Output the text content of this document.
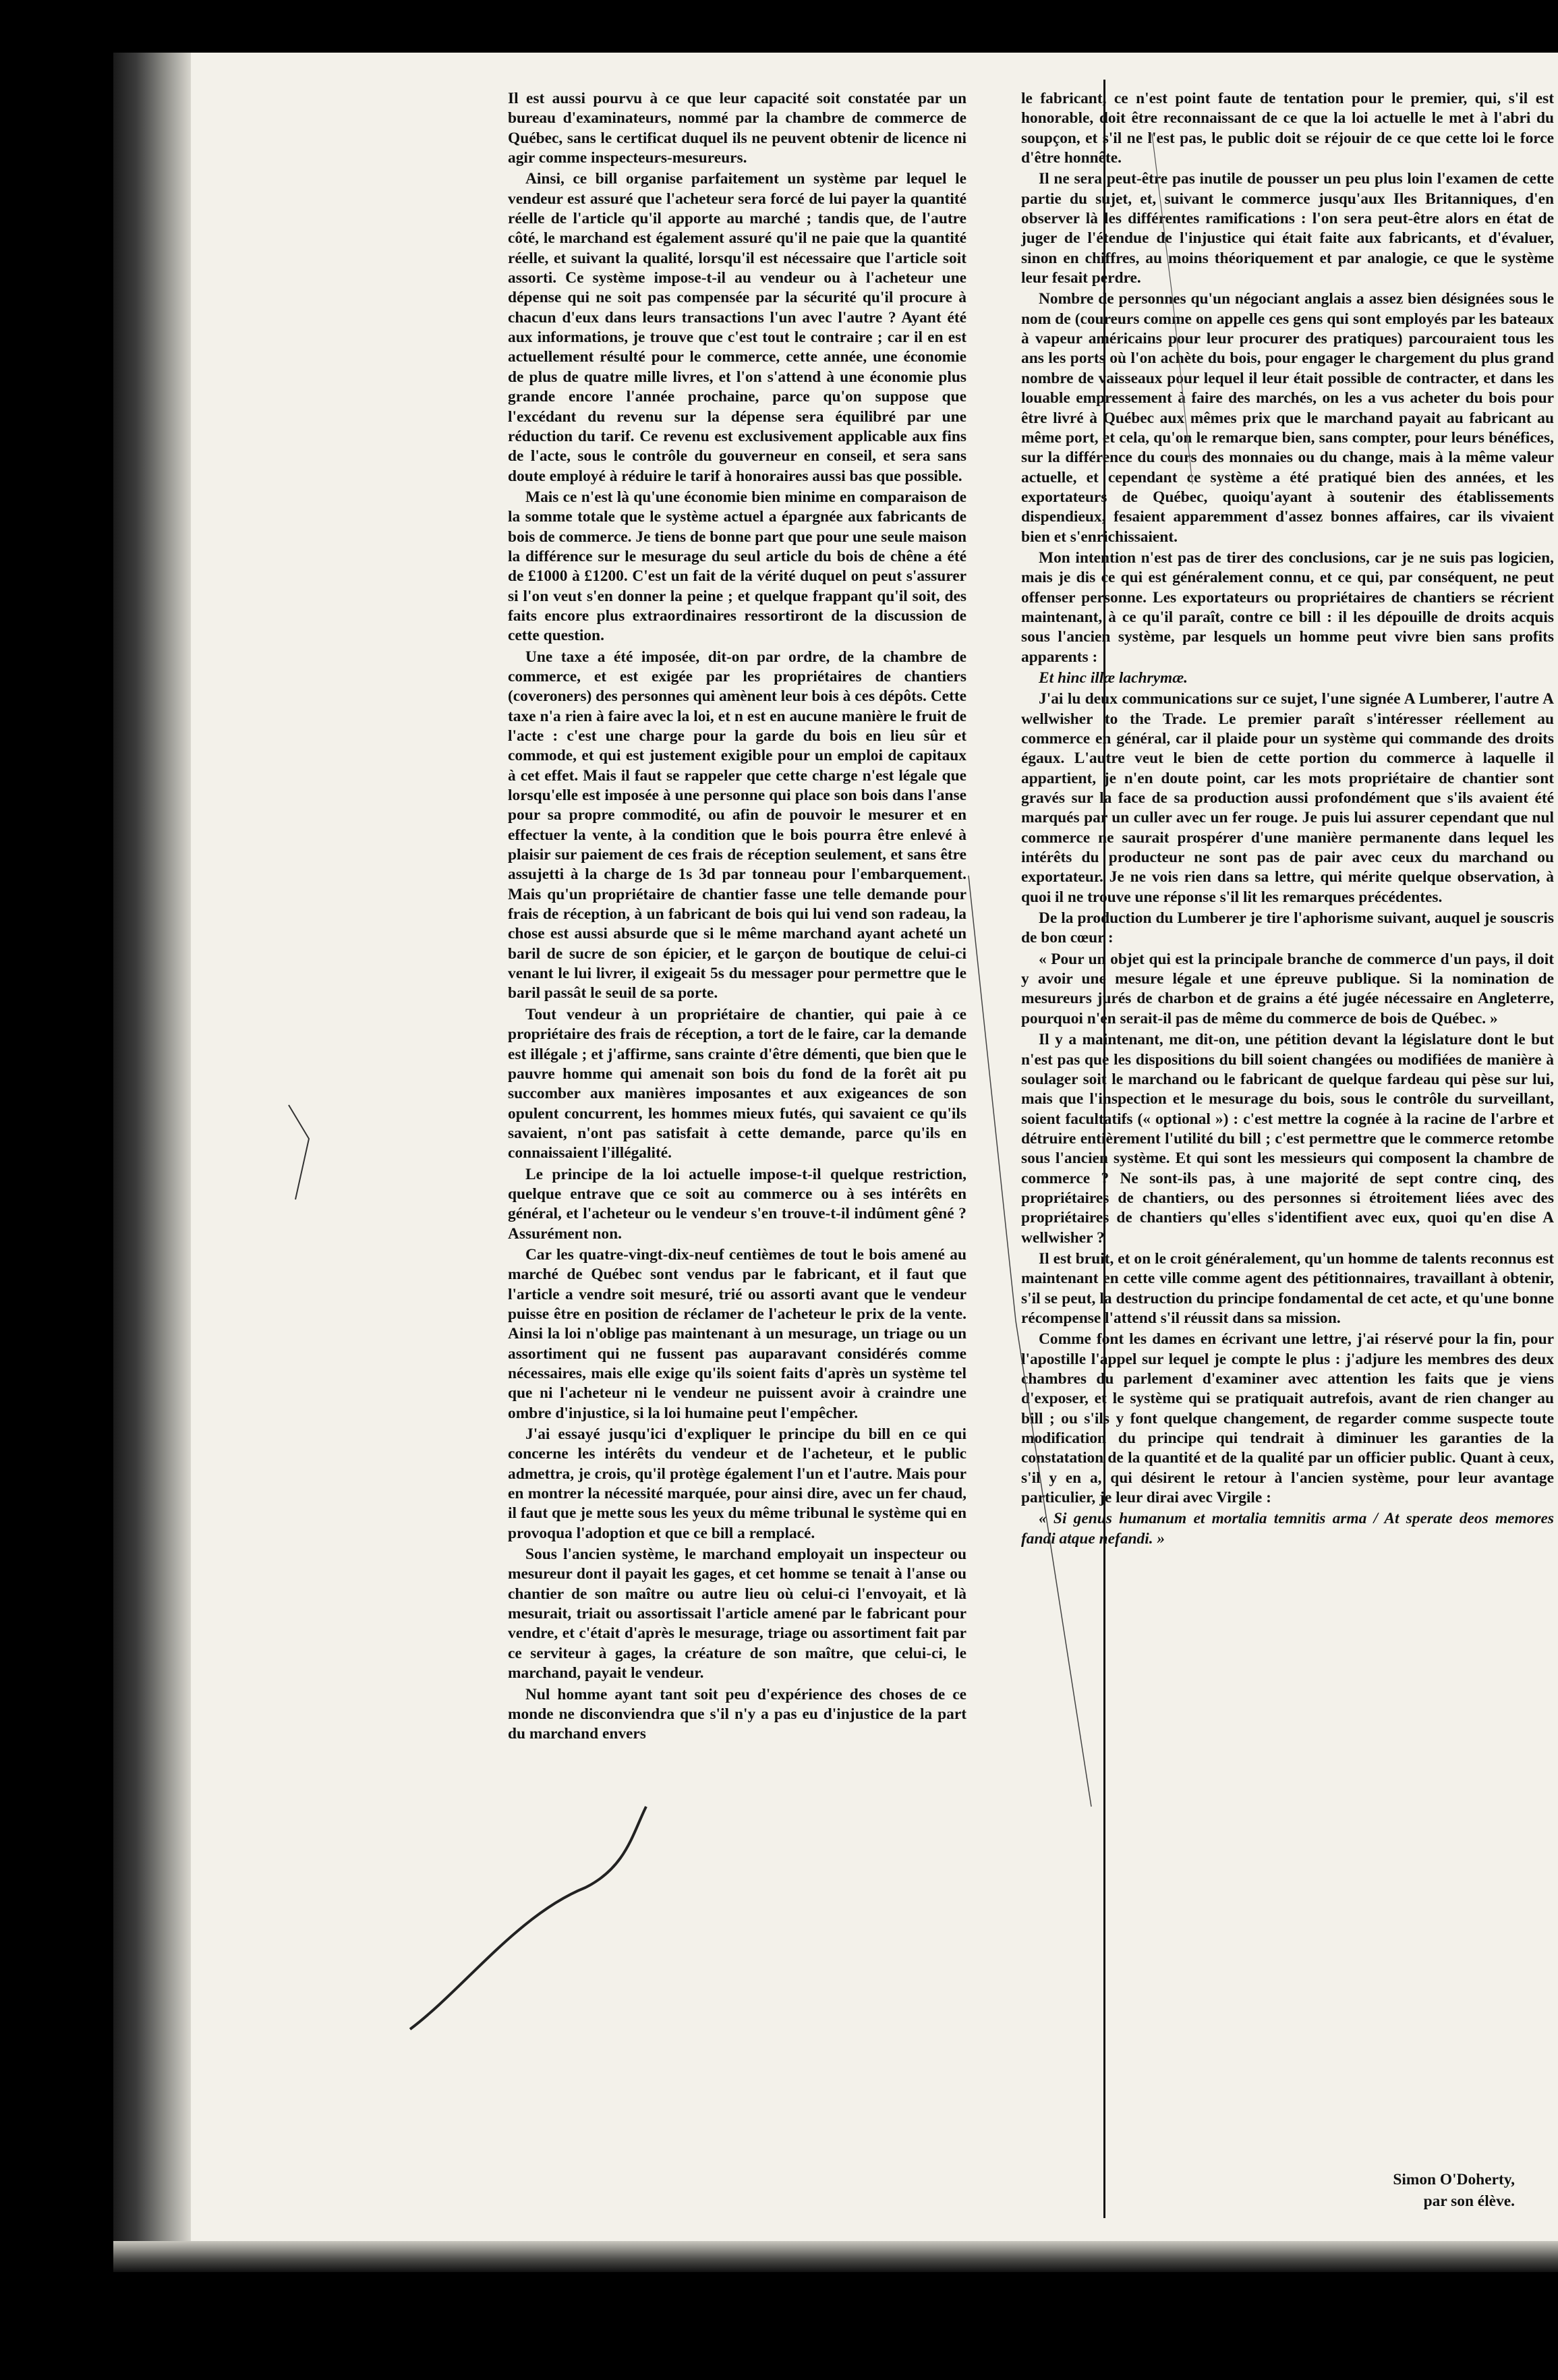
Il est aussi pourvu à ce que leur capacité soit constatée par un bureau d'examinateurs, nommé par la chambre de commerce de Québec, sans le certificat duquel ils ne peuvent obtenir de licence ni agir comme inspecteurs-mesureurs.

Ainsi, ce bill organise parfaitement un système par lequel le vendeur est assuré que l'acheteur sera forcé de lui payer la quantité réelle de l'article qu'il apporte au marché ; tandis que, de l'autre côté, le marchand est également assuré qu'il ne paie que la quantité réelle, et suivant la qualité, lorsqu'il est nécessaire que l'article soit assorti. Ce système impose-t-il au vendeur ou à l'acheteur une dépense qui ne soit pas compensée par la sécurité qu'il procure à chacun d'eux dans leurs transactions l'un avec l'autre ? Ayant été aux informations, je trouve que c'est tout le contraire ; car il en est actuellement résulté pour le commerce, cette année, une économie de plus de quatre mille livres, et l'on s'attend à une économie plus grande encore l'année prochaine, parce qu'on suppose que l'excédant du revenu sur la dépense sera équilibré par une réduction du tarif. Ce revenu est exclusivement applicable aux fins de l'acte, sous le contrôle du gouverneur en conseil, et sera sans doute employé à réduire le tarif à honoraires aussi bas que possible.

Mais ce n'est là qu'une économie bien minime en comparaison de la somme totale que le système actuel a épargnée aux fabricants de bois de commerce. Je tiens de bonne part que pour une seule maison la différence sur le mesurage du seul article du bois de chêne a été de £1000 à £1200. C'est un fait de la vérité duquel on peut s'assurer si l'on veut s'en donner la peine ; et quelque frappant qu'il soit, des faits encore plus extraordinaires ressortiront de la discussion de cette question.

Une taxe a été imposée, dit-on par ordre, de la chambre de commerce, et est exigée par les propriétaires de chantiers (coveroners) des personnes qui amènent leur bois à ces dépôts. Cette taxe n'a rien à faire avec la loi, et n est en aucune manière le fruit de l'acte : c'est une charge pour la garde du bois en lieu sûr et commode, et qui est justement exigible pour un emploi de capitaux à cet effet. Mais il faut se rappeler que cette charge n'est légale que lorsqu'elle est imposée à une personne qui place son bois dans l'anse pour sa propre commodité, ou afin de pouvoir le mesurer et en effectuer la vente, à la condition que le bois pourra être enlevé à plaisir sur paiement de ces frais de réception seulement, et sans être assujetti à la charge de 1s 3d par tonneau pour l'embarquement. Mais qu'un propriétaire de chantier fasse une telle demande pour frais de réception, à un fabricant de bois qui lui vend son radeau, la chose est aussi absurde que si le même marchand ayant acheté un baril de sucre de son épicier, et le garçon de boutique de celui-ci venant le lui livrer, il exigeait 5s du messager pour permettre que le baril passât le seuil de sa porte.

Tout vendeur à un propriétaire de chantier, qui paie à ce propriétaire des frais de réception, a tort de le faire, car la demande est illégale ; et j'affirme, sans crainte d'être démenti, que bien que le pauvre homme qui amenait son bois du fond de la forêt ait pu succomber aux manières imposantes et aux exigeances de son opulent concurrent, les hommes mieux futés, qui savaient ce qu'ils savaient, n'ont pas satisfait à cette demande, parce qu'ils en connaissaient l'illégalité.

Le principe de la loi actuelle impose-t-il quelque restriction, quelque entrave que ce soit au commerce ou à ses intérêts en général, et l'acheteur ou le vendeur s'en trouve-t-il indûment gêné ? Assurément non.

Car les quatre-vingt-dix-neuf centièmes de tout le bois amené au marché de Québec sont vendus par le fabricant, et il faut que l'article a vendre soit mesuré, trié ou assorti avant que le vendeur puisse être en position de réclamer de l'acheteur le prix de la vente. Ainsi la loi n'oblige pas maintenant à un mesurage, un triage ou un assortiment qui ne fussent pas auparavant considérés comme nécessaires, mais elle exige qu'ils soient faits d'après un système tel que ni l'acheteur ni le vendeur ne puissent avoir à craindre une ombre d'injustice, si la loi humaine peut l'empêcher.

J'ai essayé jusqu'ici d'expliquer le principe du bill en ce qui concerne les intérêts du vendeur et de l'acheteur, et le public admettra, je crois, qu'il protège également l'un et l'autre. Mais pour en montrer la nécessité marquée, pour ainsi dire, avec un fer chaud, il faut que je mette sous les yeux du même tribunal le système qui en provoqua l'adoption et que ce bill a remplacé.

Sous l'ancien système, le marchand employait un inspecteur ou mesureur dont il payait les gages, et cet homme se tenait à l'anse ou chantier de son maître ou autre lieu où celui-ci l'envoyait, et là mesurait, triait ou assortissait l'article amené par le fabricant pour vendre, et c'était d'après le mesurage, triage ou assortiment fait par ce serviteur à gages, la créature de son maître, que celui-ci, le marchand, payait le vendeur.

Nul homme ayant tant soit peu d'expérience des choses de ce monde ne disconviendra que s'il n'y a pas eu d'injustice de la part du marchand envers

le fabricant, ce n'est point faute de tentation pour le premier, qui, s'il est honorable, doit être reconnaissant de ce que la loi actuelle le met à l'abri du soupçon, et s'il ne l'est pas, le public doit se réjouir de ce que cette loi le force d'être honnête.

Il ne sera peut-être pas inutile de pousser un peu plus loin l'examen de cette partie du sujet, et, suivant le commerce jusqu'aux Iles Britanniques, d'en observer là les différentes ramifications : l'on sera peut-être alors en état de juger de l'étendue de l'injustice qui était faite aux fabricants, et d'évaluer, sinon en chiffres, au moins théoriquement et par analogie, ce que le système leur fesait perdre.

Nombre de personnes qu'un négociant anglais a assez bien désignées sous le nom de (coureurs comme on appelle ces gens qui sont employés par les bateaux à vapeur américains pour leur procurer des pratiques) parcouraient tous les ans les ports où l'on achète du bois, pour engager le chargement du plus grand nombre de vaisseaux pour lequel il leur était possible de contracter, et dans les louable empressement à faire des marchés, on les a vus acheter du bois pour être livré à Québec aux mêmes prix que le marchand payait au fabricant au même port, et cela, qu'on le remarque bien, sans compter, pour leurs bénéfices, sur la différence du cours des monnaies ou du change, mais à la même valeur actuelle, et cependant ce système a été pratiqué bien des années, et les exportateurs de Québec, quoiqu'ayant à soutenir des établissements dispendieux, fesaient apparemment d'assez bonnes affaires, car ils vivaient bien et s'enrichissaient.

Mon intention n'est pas de tirer des conclusions, car je ne suis pas logicien, mais je dis ce qui est généralement connu, et ce qui, par conséquent, ne peut offenser personne. Les exportateurs ou propriétaires de chantiers se récrient maintenant, à ce qu'il paraît, contre ce bill : il les dépouille de droits acquis sous l'ancien système, par lesquels un homme peut vivre bien sans profits apparents :

Et hinc illæ lachrymæ.

J'ai lu deux communications sur ce sujet, l'une signée A Lumberer, l'autre A wellwisher to the Trade. Le premier paraît s'intéresser réellement au commerce en général, car il plaide pour un système qui commande des droits égaux. L'autre veut le bien de cette portion du commerce à laquelle il appartient, je n'en doute point, car les mots propriétaire de chantier sont gravés sur la face de sa production aussi profondément que s'ils avaient été marqués par un culler avec un fer rouge. Je puis lui assurer cependant que nul commerce ne saurait prospérer d'une manière permanente dans lequel les intérêts du producteur ne sont pas de pair avec ceux du marchand ou exportateur. Je ne vois rien dans sa lettre, qui mérite quelque observation, à quoi il ne trouve une réponse s'il lit les remarques précédentes.

De la production du Lumberer je tire l'aphorisme suivant, auquel je souscris de bon cœur :

« Pour un objet qui est la principale branche de commerce d'un pays, il doit y avoir une mesure légale et une épreuve publique. Si la nomination de mesureurs jurés de charbon et de grains a été jugée nécessaire en Angleterre, pourquoi n'en serait-il pas de même du commerce de bois de Québec. »

Il y a maintenant, me dit-on, une pétition devant la législature dont le but n'est pas que les dispositions du bill soient changées ou modifiées de manière à soulager soit le marchand ou le fabricant de quelque fardeau qui pèse sur lui, mais que l'inspection et le mesurage du bois, sous le contrôle du surveillant, soient facultatifs (« optional ») : c'est mettre la cognée à la racine de l'arbre et détruire entièrement l'utilité du bill ; c'est permettre que le commerce retombe sous l'ancien système. Et qui sont les messieurs qui composent la chambre de commerce ? Ne sont-ils pas, à une majorité de sept contre cinq, des propriétaires de chantiers, ou des personnes si étroitement liées avec des propriétaires de chantiers qu'elles s'identifient avec eux, quoi qu'en dise A wellwisher ?

Il est bruit, et on le croit généralement, qu'un homme de talents reconnus est maintenant en cette ville comme agent des pétitionnaires, travaillant à obtenir, s'il se peut, la destruction du principe fondamental de cet acte, et qu'une bonne récompense l'attend s'il réussit dans sa mission.

Comme font les dames en écrivant une lettre, j'ai réservé pour la fin, pour l'apostille l'appel sur lequel je compte le plus : j'adjure les membres des deux chambres du parlement d'examiner avec attention les faits que je viens d'exposer, et le système qui se pratiquait autrefois, avant de rien changer au bill ; ou s'ils y font quelque changement, de regarder comme suspecte toute modification du principe qui tendrait à diminuer les garanties de la constatation de la quantité et de la qualité par un officier public. Quant à ceux, s'il y en a, qui désirent le retour à l'ancien système, pour leur avantage particulier, je leur dirai avec Virgile :

« Si genus humanum et mortalia temnitis arma / At sperate deos memores fandi atque nefandi. »

Simon O'Doherty,
par son élève.
